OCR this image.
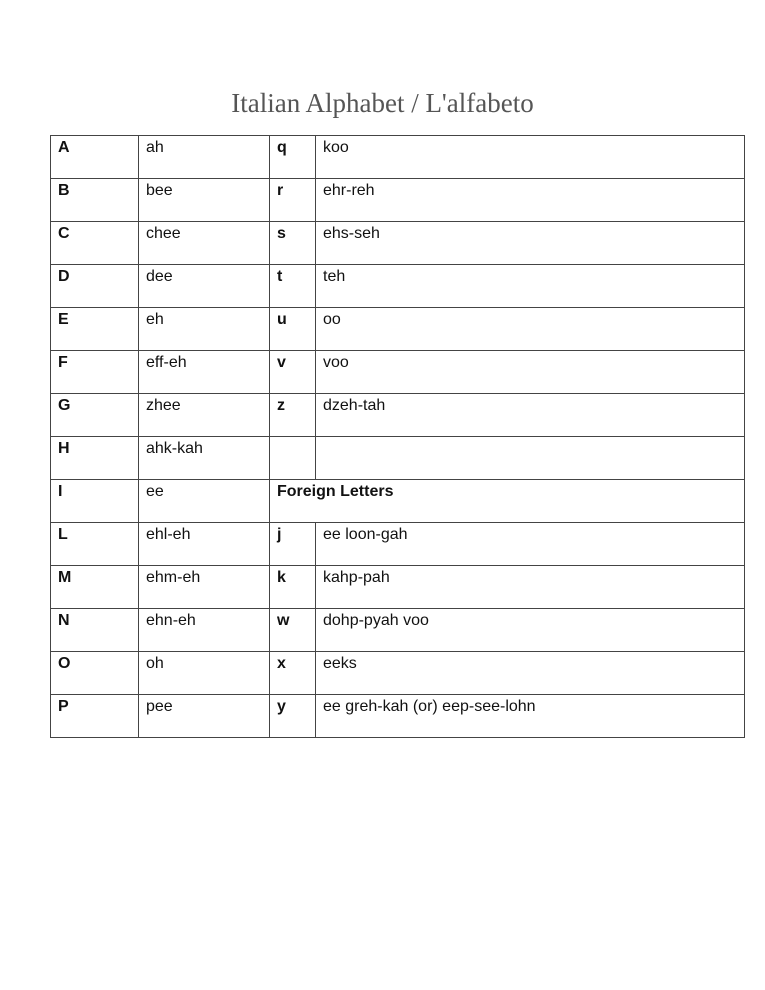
Italian Alphabet / L'alfabeto
A	ah	q	koo
B	bee	r	ehr-reh
C	chee	s	ehs-seh
D	dee	t	teh
E	eh	u	oo
F	eff-eh	v	voo
G	zhee	z	dzeh-tah
H	ahk-kah		
I	ee	Foreign Letters	
L	ehl-eh	j	ee loon-gah
M	ehm-eh	k	kahp-pah
N	ehn-eh	w	dohp-pyah voo
O	oh	x	eeks
P	pee	y	ee greh-kah (or) eep-see-lohn
